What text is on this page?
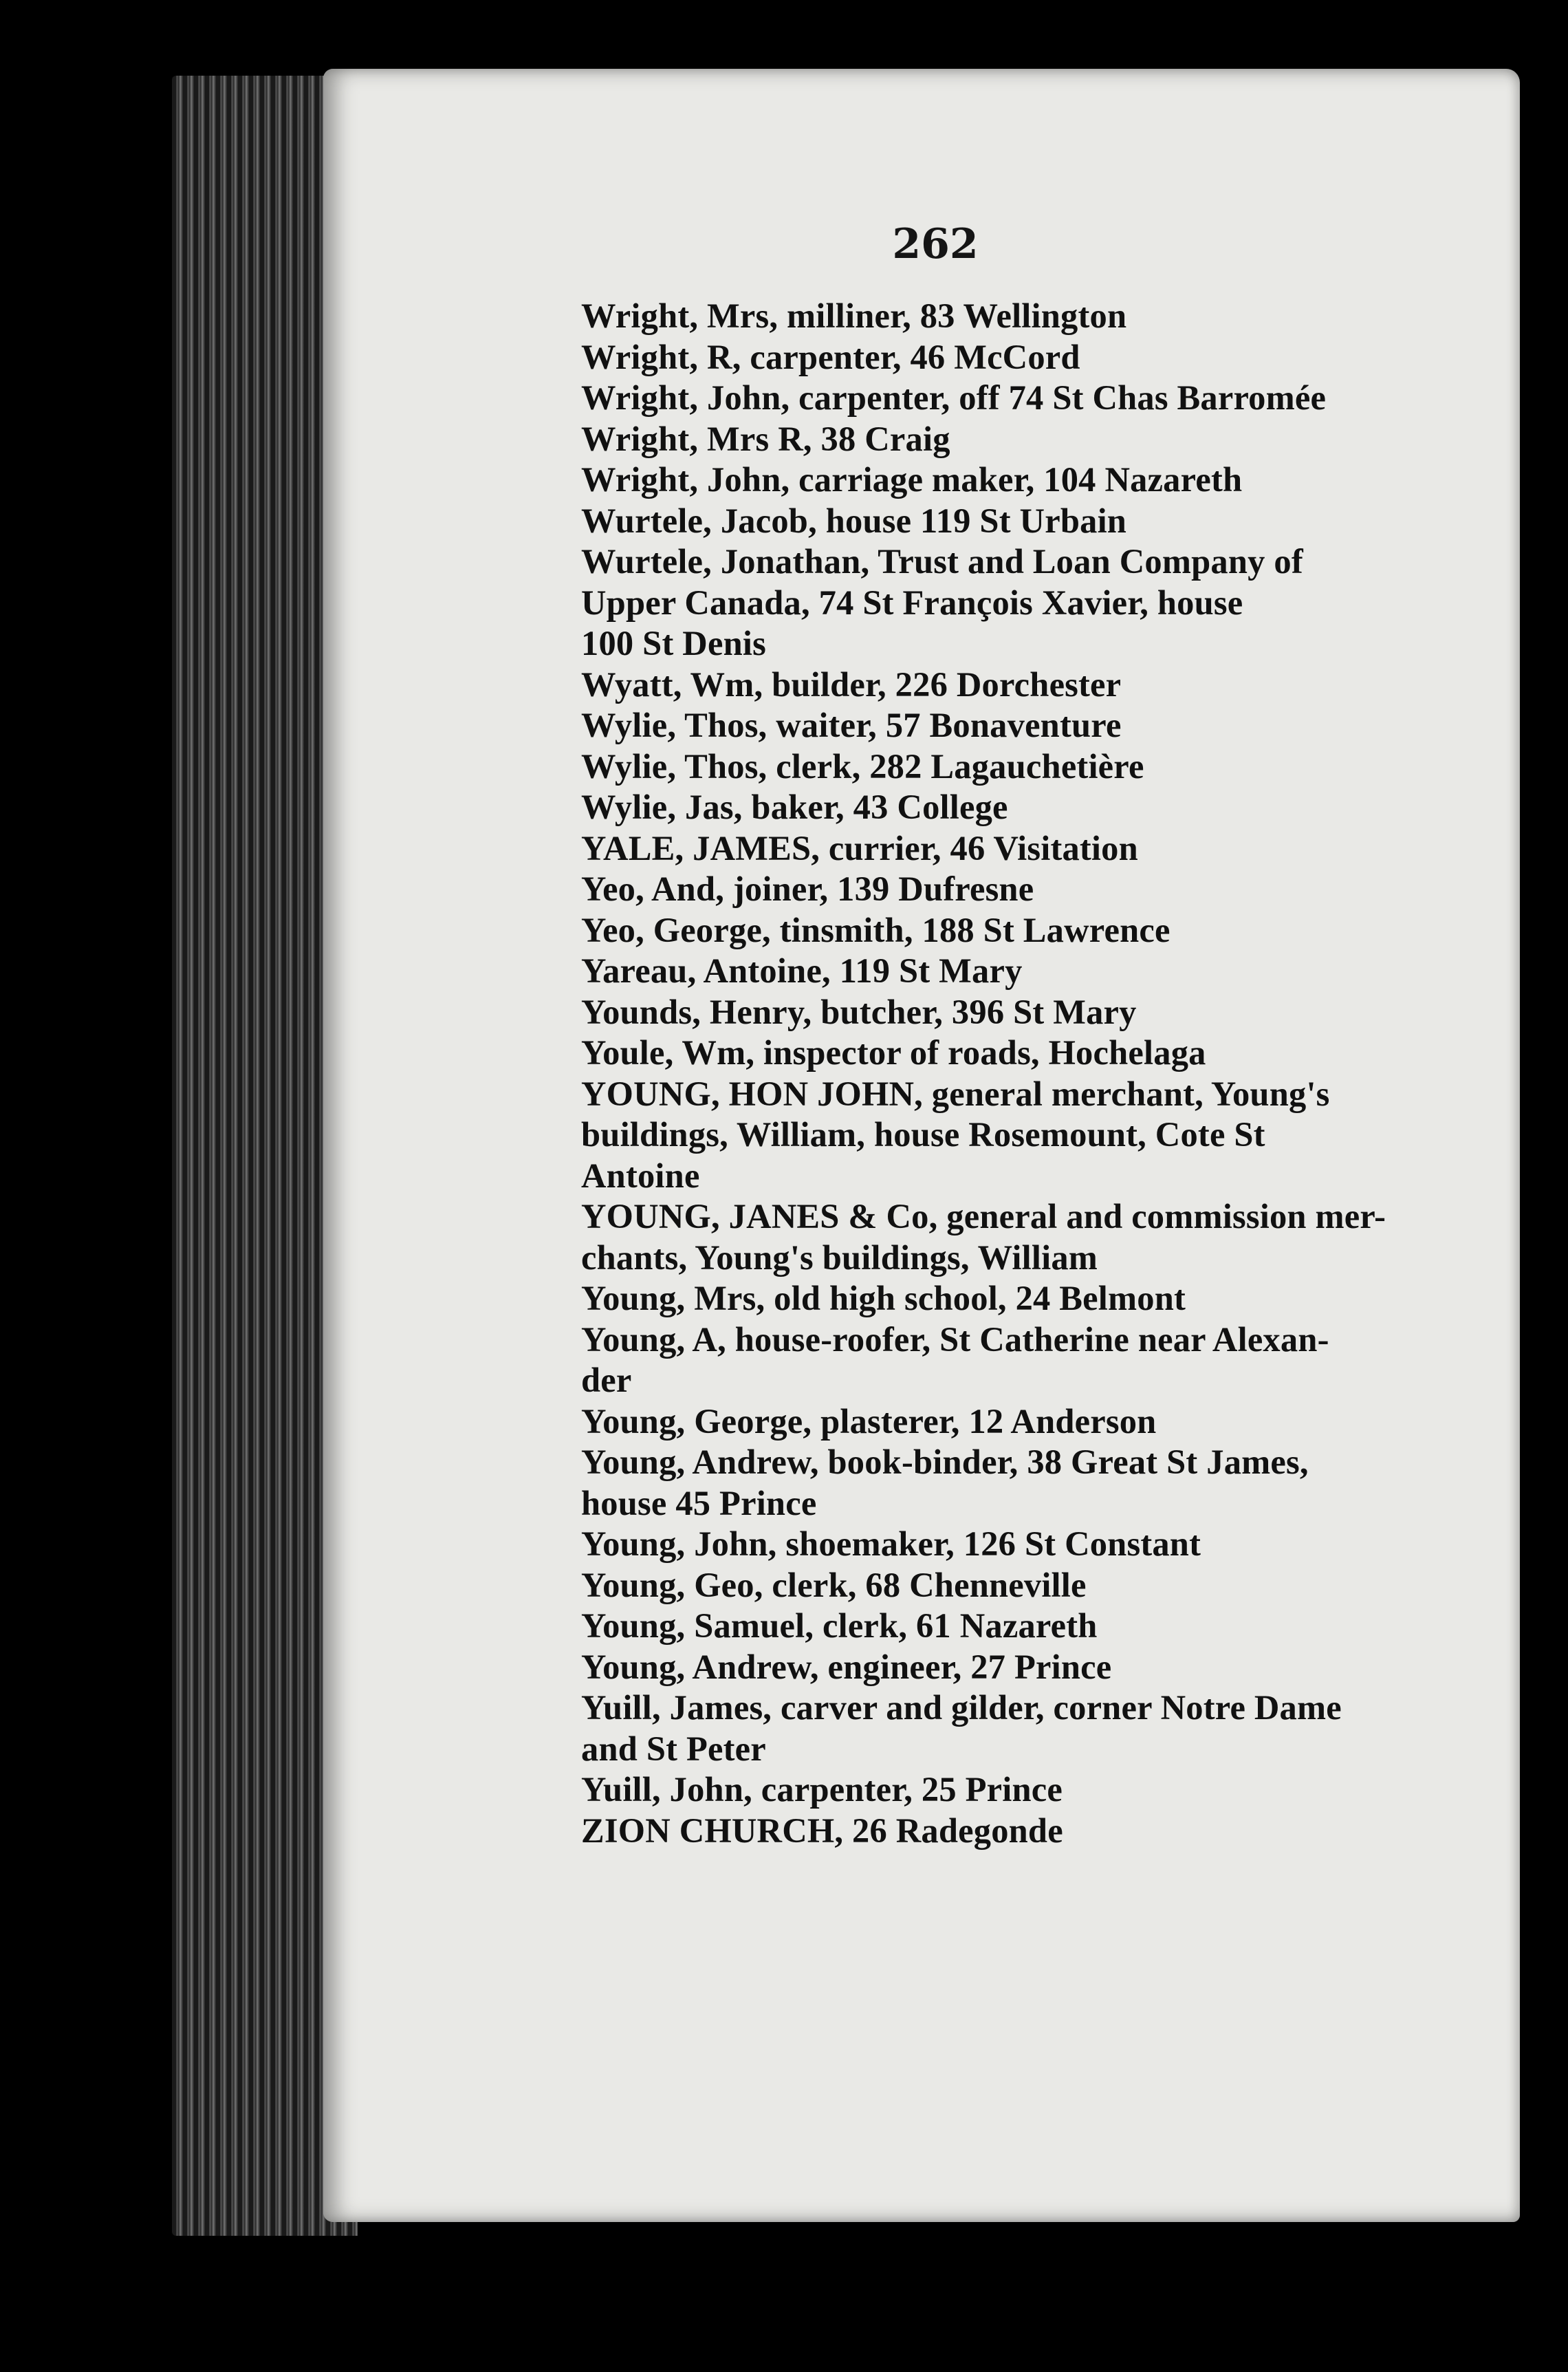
262
Wright, Mrs, milliner, 83 Wellington
Wright, R, carpenter, 46 McCord
Wright, John, carpenter, off 74 St Chas Barromée
Wright, Mrs R, 38 Craig
Wright, John, carriage maker, 104 Nazareth
Wurtele, Jacob, house 119 St Urbain
Wurtele, Jonathan, Trust and Loan Company of
Upper Canada, 74 St François Xavier, house
100 St Denis
Wyatt, Wm, builder, 226 Dorchester
Wylie, Thos, waiter, 57 Bonaventure
Wylie, Thos, clerk, 282 Lagauchetière
Wylie, Jas, baker, 43 College
YALE, JAMES, currier, 46 Visitation
Yeo, And, joiner, 139 Dufresne
Yeo, George, tinsmith, 188 St Lawrence
Yareau, Antoine, 119 St Mary
Younds, Henry, butcher, 396 St Mary
Youle, Wm, inspector of roads, Hochelaga
YOUNG, HON JOHN, general merchant, Young's
buildings, William, house Rosemount, Cote St
Antoine
YOUNG, JANES & Co, general and commission mer-
chants, Young's buildings, William
Young, Mrs, old high school, 24 Belmont
Young, A, house-roofer, St Catherine near Alexan-
der
Young, George, plasterer, 12 Anderson
Young, Andrew, book-binder, 38 Great St James,
house 45 Prince
Young, John, shoemaker, 126 St Constant
Young, Geo, clerk, 68 Chenneville
Young, Samuel, clerk, 61 Nazareth
Young, Andrew, engineer, 27 Prince
Yuill, James, carver and gilder, corner Notre Dame
and St Peter
Yuill, John, carpenter, 25 Prince
ZION CHURCH, 26 Radegonde
